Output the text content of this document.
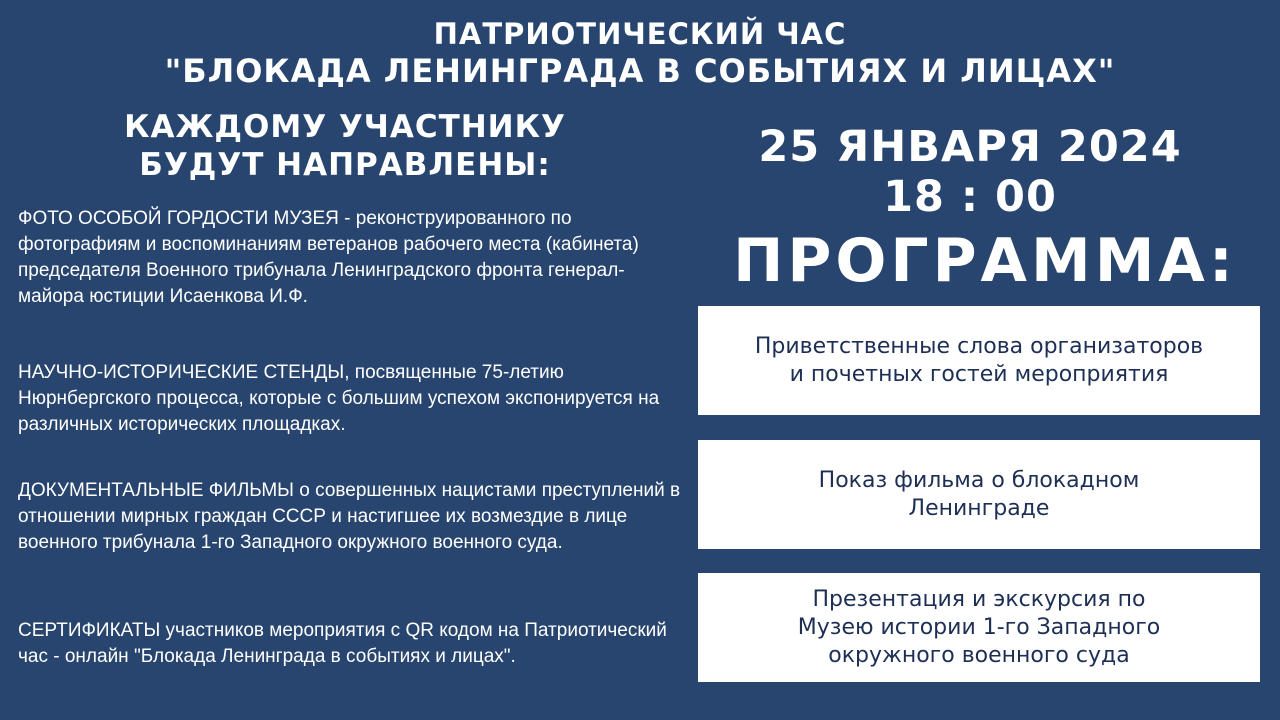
ПАТРИОТИЧЕСКИЙ ЧАС
"БЛОКАДА ЛЕНИНГРАДА В СОБЫТИЯХ И ЛИЦАХ"
КАЖДОМУ УЧАСТНИКУ
БУДУТ НАПРАВЛЕНЫ:

ФОТО ОСОБОЙ ГОРДОСТИ МУЗЕЯ - реконструированного по фотографиям и воспоминаниям ветеранов рабочего места (кабинета) председателя Военного трибунала Ленинградского фронта генерал-майора юстиции Исаенкова И.Ф.

НАУЧНО-ИСТОРИЧЕСКИЕ СТЕНДЫ, посвященные 75-летию Нюрнбергского процесса, которые с большим успехом экспонируется на различных исторических площадках.

ДОКУМЕНТАЛЬНЫЕ ФИЛЬМЫ о совершенных нацистами преступлений в отношении мирных граждан СССР и настигшее их возмездие в лице военного трибунала 1-го Западного окружного военного суда.

СЕРТИФИКАТЫ участников мероприятия с QR кодом на Патриотический час - онлайн "Блокада Ленинграда в событиях и лицах".

25 ЯНВАРЯ 2024
18 : 00
ПРОГРАММА:
Приветственные слова организаторов
и почетных гостей мероприятия
Показ фильма о блокадном
Ленинграде
Презентация и экскурсия по
Музею истории 1-го Западного
окружного военного суда
